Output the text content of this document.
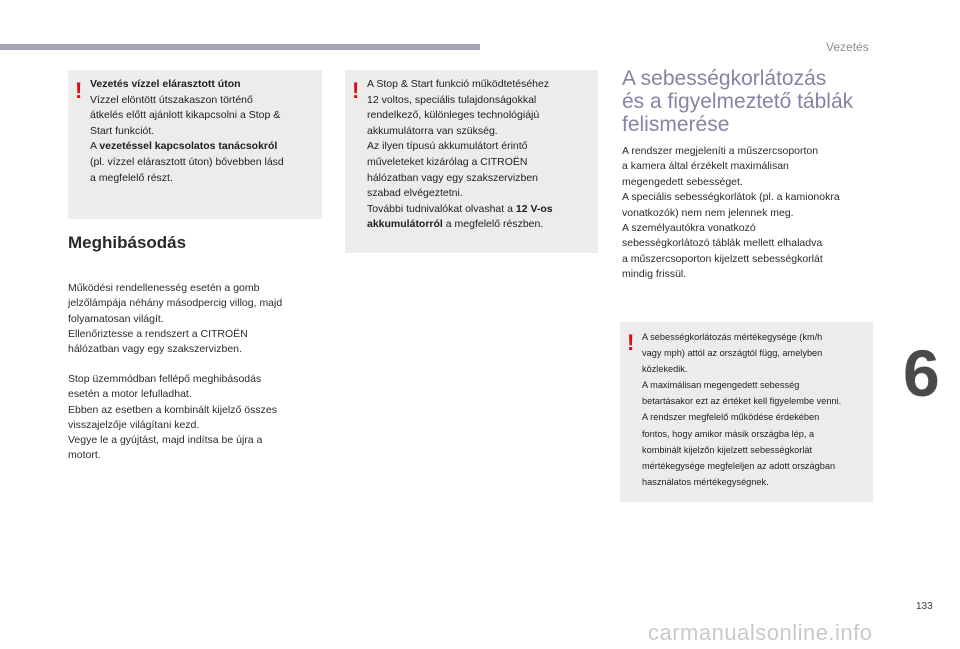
Vezetés
6
! Vezetés vízzel elárasztott úton

Vízzel elöntött útszakaszon történő

átkelés előtt ajánlott kikapcsolni a Stop &

Start funkciót.

A vezetéssel kapcsolatos tanácsokról

(pl. vízzel elárasztott úton) bővebben lásd

a megfelelő részt.

Meghibásodás

Működési rendellenesség esetén a gomb

jelzőlámpája néhány másodpercig villog, majd

folyamatosan világít.

Ellenőriztesse a rendszert a CITROËN

hálózatban vagy egy szakszervizben.

Stop üzemmódban fellépő meghibásodás

esetén a motor lefulladhat.

Ebben az esetben a kombinált kijelző összes

visszajelzője világítani kezd.

Vegye le a gyújtást, majd indítsa be újra a

motort.

! A Stop & Start funkció működtetéséhez

12 voltos, speciális tulajdonságokkal

rendelkező, különleges technológiájú

akkumulátorra van szükség.

Az ilyen típusú akkumulátort érintő

műveleteket kizárólag a CITROËN

hálózatban vagy egy szakszervizben

szabad elvégeztetni.

További tudnivalókat olvashat a 12 V-os

akkumulátorról a megfelelő részben.

A sebességkorlátozás
és a figyelmeztető táblák
felismerése

A rendszer megjeleníti a műszercsoporton

a kamera által érzékelt maximálisan

megengedett sebességet.

A speciális sebességkorlátok (pl. a kamionokra

vonatkozók) nem nem jelennek meg.

A személyautókra vonatkozó

sebességkorlátozó táblák mellett elhaladva

a műszercsoporton kijelzett sebességkorlát

mindig frissül.

! A sebességkorlátozás mértékegysége (km/h

vagy mph) attól az országtól függ, amelyben

közlekedik.

A maximálisan megengedett sebesség

betartásakor ezt az értéket kell figyelembe venni.

A rendszer megfelelő működése érdekében

fontos, hogy amikor másik országba lép, a

kombinált kijelzőn kijelzett sebességkorlát

mértékegysége megfeleljen az adott országban

használatos mértékegységnek.

133
carmanualsonline.info
